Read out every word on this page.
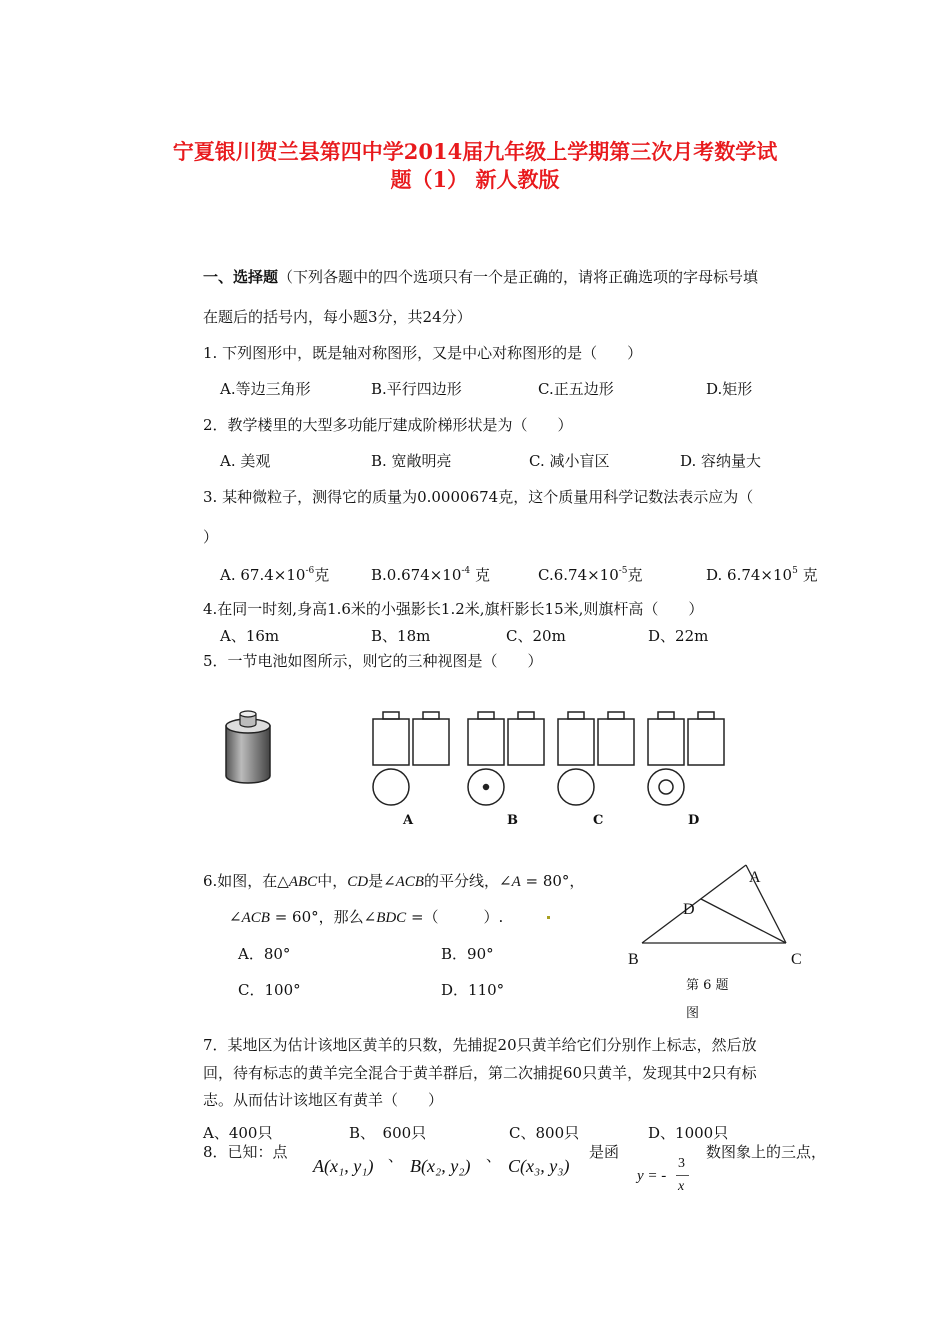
宁夏银川贺兰县第四中学2014届九年级上学期第三次月考数学试
题（1） 新人教版
一、选择题（下列各题中的四个选项只有一个是正确的，请将正确选项的字母标号填
在题后的括号内，每小题3分，共24分）
1. 下列图形中，既是轴对称图形，又是中心对称图形的是（　　）
A.等边三角形	B.平行四边形	C.正五边形	D.矩形
2．教学楼里的大型多功能厅建成阶梯形状是为（　　）
A. 美观	B. 宽敞明亮	C. 减小盲区	D. 容纳量大
3. 某种微粒子，测得它的质量为0.0000674克，这个质量用科学记数法表示应为（
）
A. $67.4\times 10^{-6}$克	$B.0.674\times 10^{-4}$ 克	$C.6.74\times 10^{-5}$克	D. $6.74\times 10^5$ 克
4.在同一时刻,身高1.6米的小强影长1.2米,旗杆影长15米,则旗杆高（　　）
A、16m	B、18m	C、20m	D、22m
5．一节电池如图所示，则它的三种视图是（　　）
A	B	C	D
6.如图，在△ABC中，CD是∠ACB的平分线，∠A = 80°，
∠ACB = 60°，那么∠BDC =（　　　）.
A．80°	B．90°
C．100°	D．110°
A
D
B	C
第 6 题
图
7．某地区为估计该地区黄羊的只数，先捕捉20只黄羊给它们分别作上标志，然后放
回，待有标志的黄羊完全混合于黄羊群后，第二次捕捉60只黄羊，发现其中2只有标
志。从而估计该地区有黄羊（　　）
A、400只	B、　600只	C、800只	D、1000只
8．已知：点
A(x₁, y₁) 、 B(x₂, y₂) 、 C(x₃, y₃)
是函
y = -
3
x
数图象上的三点，
